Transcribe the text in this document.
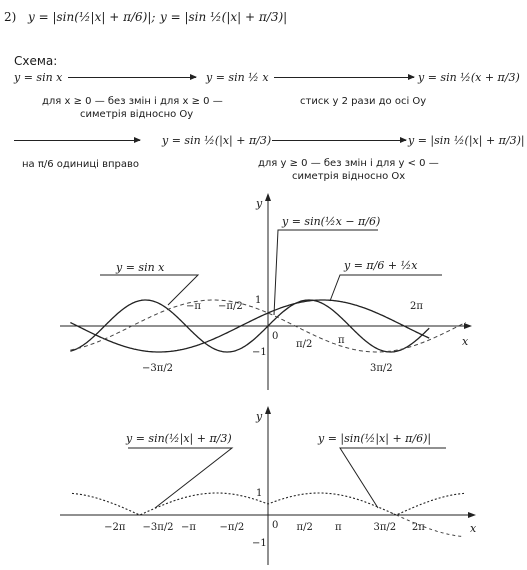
2) y = |sin(½|x| + π/6)|; y = |sin ½(|x| + π/3)|
Схема:
y = sin x	y = sin ½ x	y = sin ½(x + π/3)
для x ≥ 0 — без змін і для x ≥ 0 —
симетрія відносно Oy
стиск у 2 рази до осі Oy
y = sin ½(|x| + π/3)	y = |sin ½(|x| + π/3)|
на π/6 одиниці вправо	для y ≥ 0 — без змін і для y < 0 —
симетрія відносно Ox
y = sin x
y = sin(½x − π/6)
y = π/6 + ½x
y
x
0
1
−1
−π −π/2
π/2	π
3π/2
−3π/2
2π
y = sin(½|x| + π/3)	y = |sin(½|x| + π/6)|
y
x
0
1
−1
−2π −3π/2 −π −π/2	π/2 π	3π/2 2π
